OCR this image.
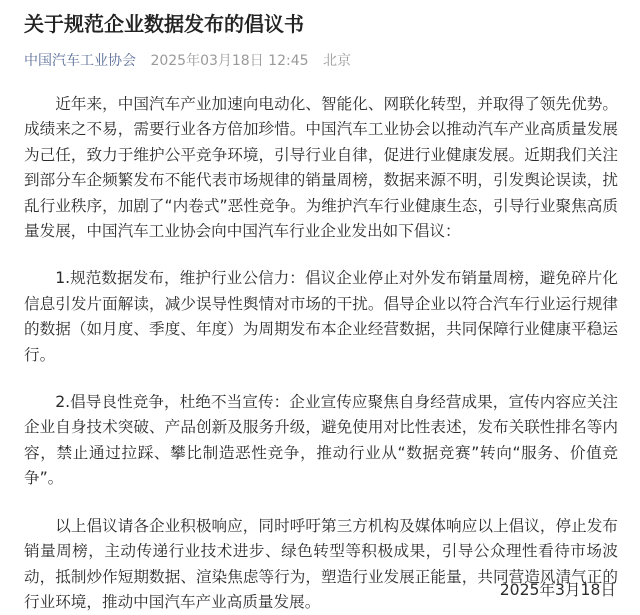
关于规范企业数据发布的倡议书
中国汽车工业协会 2025年03月18日 12:45 北京

近年来，中国汽车产业加速向电动化、智能化、网联化转型，并取得了领先优势。成绩来之不易，需要行业各方倍加珍惜。中国汽车工业协会以推动汽车产业高质量发展为己任，致力于维护公平竞争环境，引导行业自律，促进行业健康发展。近期我们关注到部分车企频繁发布不能代表市场规律的销量周榜，数据来源不明，引发舆论误读，扰乱行业秩序，加剧了“内卷式”恶性竞争。为维护汽车行业健康生态，引导行业聚焦高质量发展，中国汽车工业协会向中国汽车行业企业发出如下倡议：

1.规范数据发布，维护行业公信力：倡议企业停止对外发布销量周榜，避免碎片化信息引发片面解读，减少误导性舆情对市场的干扰。倡导企业以符合汽车行业运行规律的数据（如月度、季度、年度）为周期发布本企业经营数据，共同保障行业健康平稳运行。

2.倡导良性竞争，杜绝不当宣传：企业宣传应聚焦自身经营成果，宣传内容应关注企业自身技术突破、产品创新及服务升级，避免使用对比性表述，发布关联性排名等内容，禁止通过拉踩、攀比制造恶性竞争，推动行业从“数据竞赛”转向“服务、价值竞争”。

以上倡议请各企业积极响应，同时呼吁第三方机构及媒体响应以上倡议，停止发布销量周榜，主动传递行业技术进步、绿色转型等积极成果，引导公众理性看待市场波动，抵制炒作短期数据、渲染焦虑等行为，塑造行业发展正能量，共同营造风清气正的行业环境，推动中国汽车产业高质量发展。

2025年3月18日
